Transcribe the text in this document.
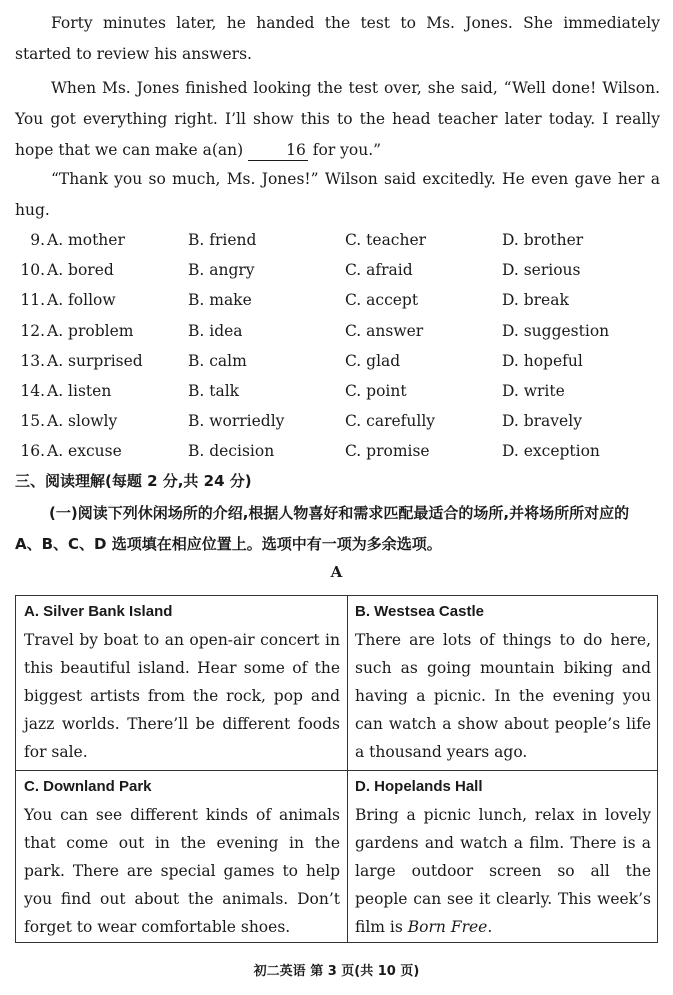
Forty minutes later, he handed the test to Ms. Jones. She immediately started to review his answers.

When Ms. Jones finished looking the test over, she said, “Well done! Wilson. You got everything right. I’ll show this to the head teacher later today. I really hope that we can make a(an)	16 for you.”

“Thank you so much, Ms. Jones!” Wilson said excitedly. He even gave her a hug.

9. A. mother	B. friend	C. teacher	D. brother
10. A. bored	B. angry	C. afraid	D. serious
11. A. follow	B. make	C. accept	D. break
12. A. problem	B. idea	C. answer	D. suggestion
13. A. surprised	B. calm	C. glad	D. hopeful
14. A. listen	B. talk	C. point	D. write
15. A. slowly	B. worriedly	C. carefully	D. bravely
16. A. excuse	B. decision	C. promise	D. exception
三、阅读理解(每题 2 分,共 24 分)

(一)阅读下列休闲场所的介绍,根据人物喜好和需求匹配最适合的场所,并将场所所对应的 A、B、C、D 选项填在相应位置上。选项中有一项为多余选项。

A
A. Silver Bank Island
Travel by boat to an open-air concert in this beautiful island. Hear some of the biggest artists from the rock, pop and jazz worlds. There’ll be different foods for sale.
B. Westsea Castle
There are lots of things to do here, such as going mountain biking and having a picnic. In the evening you can watch a show about people’s life a thousand years ago.
C. Downland Park
You can see different kinds of animals that come out in the evening in the park. There are special games to help you find out about the animals. Don’t forget to wear comfortable shoes.
D. Hopelands Hall
Bring a picnic lunch, relax in lovely gardens and watch a film. There is a large outdoor screen so all the people can see it clearly. This week’s film is Born Free.
初二英语 第 3 页(共 10 页)
